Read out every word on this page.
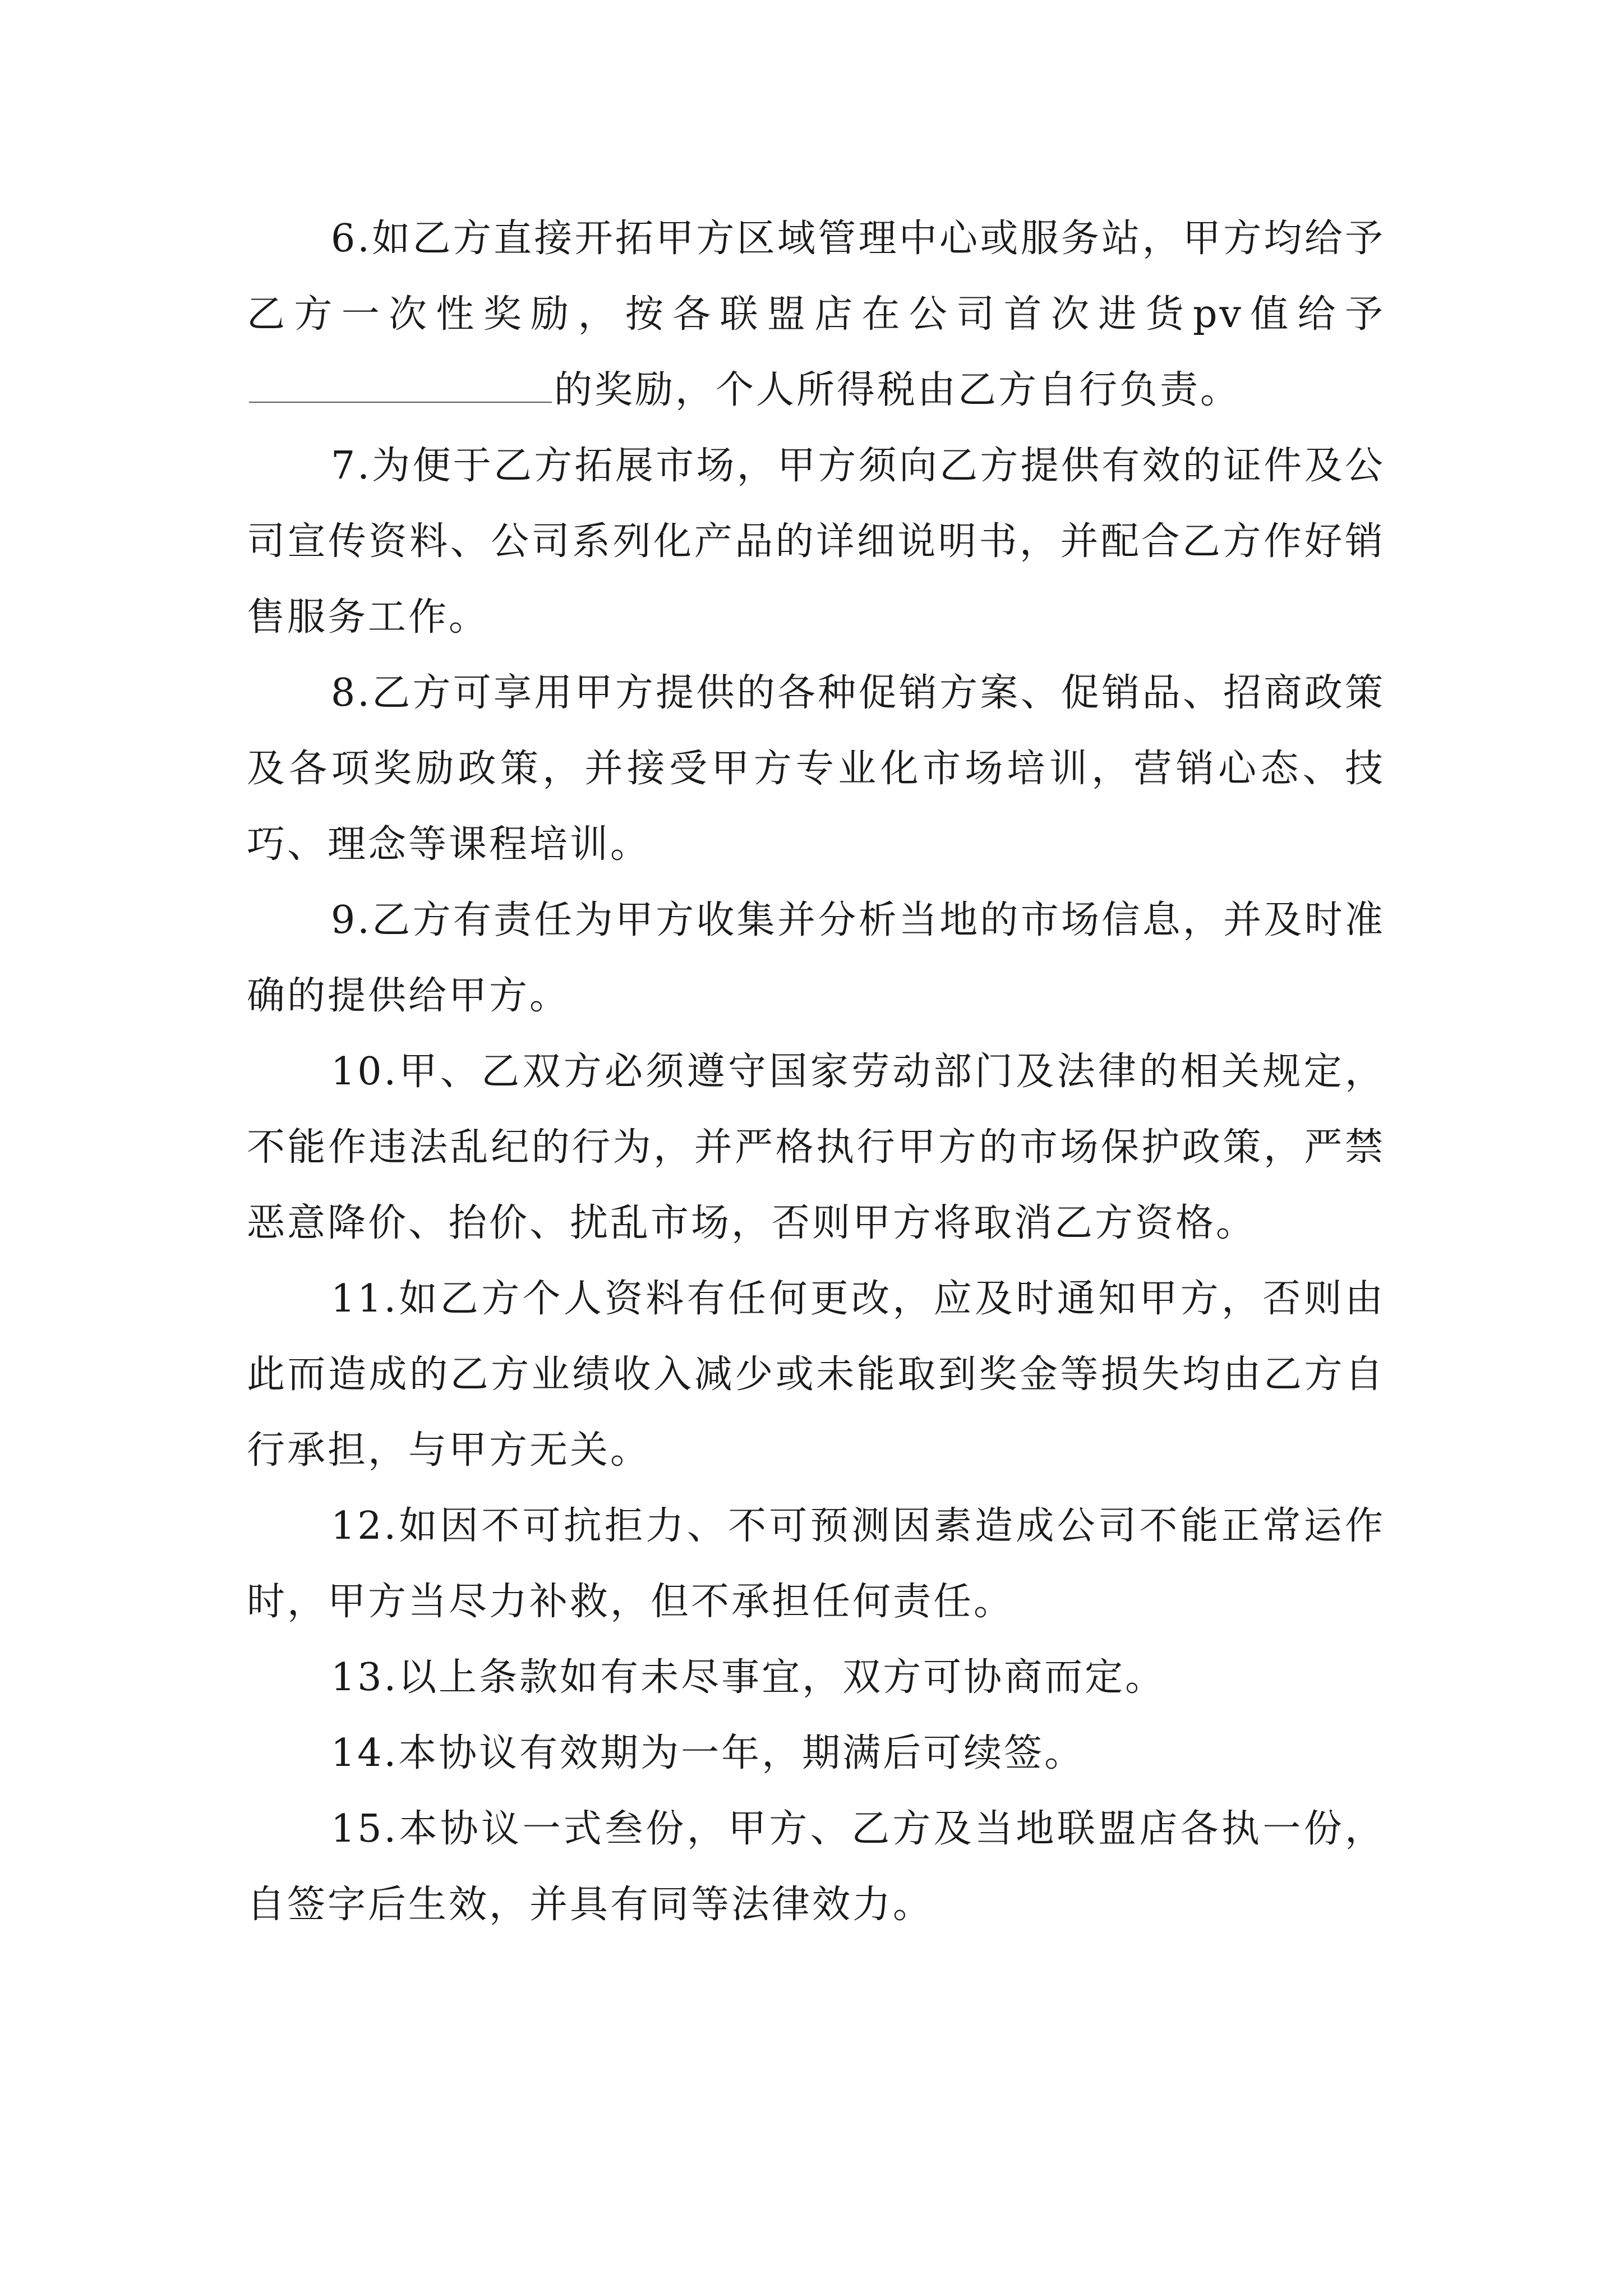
6.如乙方直接开拓甲方区域管理中心或服务站，甲方均给予乙方一次性奖励，按各联盟店在公司首次进货pv值给予的奖励，个人所得税由乙方自行负责。

7.为便于乙方拓展市场，甲方须向乙方提供有效的证件及公司宣传资料、公司系列化产品的详细说明书，并配合乙方作好销售服务工作。

8.乙方可享用甲方提供的各种促销方案、促销品、招商政策及各项奖励政策，并接受甲方专业化市场培训，营销心态、技巧、理念等课程培训。

9.乙方有责任为甲方收集并分析当地的市场信息，并及时准确的提供给甲方。

10.甲、乙双方必须遵守国家劳动部门及法律的相关规定，不能作违法乱纪的行为，并严格执行甲方的市场保护政策，严禁恶意降价、抬价、扰乱市场，否则甲方将取消乙方资格。

11.如乙方个人资料有任何更改，应及时通知甲方，否则由此而造成的乙方业绩收入减少或未能取到奖金等损失均由乙方自行承担，与甲方无关。

12.如因不可抗拒力、不可预测因素造成公司不能正常运作时，甲方当尽力补救，但不承担任何责任。

13.以上条款如有未尽事宜，双方可协商而定。

14.本协议有效期为一年，期满后可续签。

15.本协议一式叁份，甲方、乙方及当地联盟店各执一份，自签字后生效，并具有同等法律效力。
